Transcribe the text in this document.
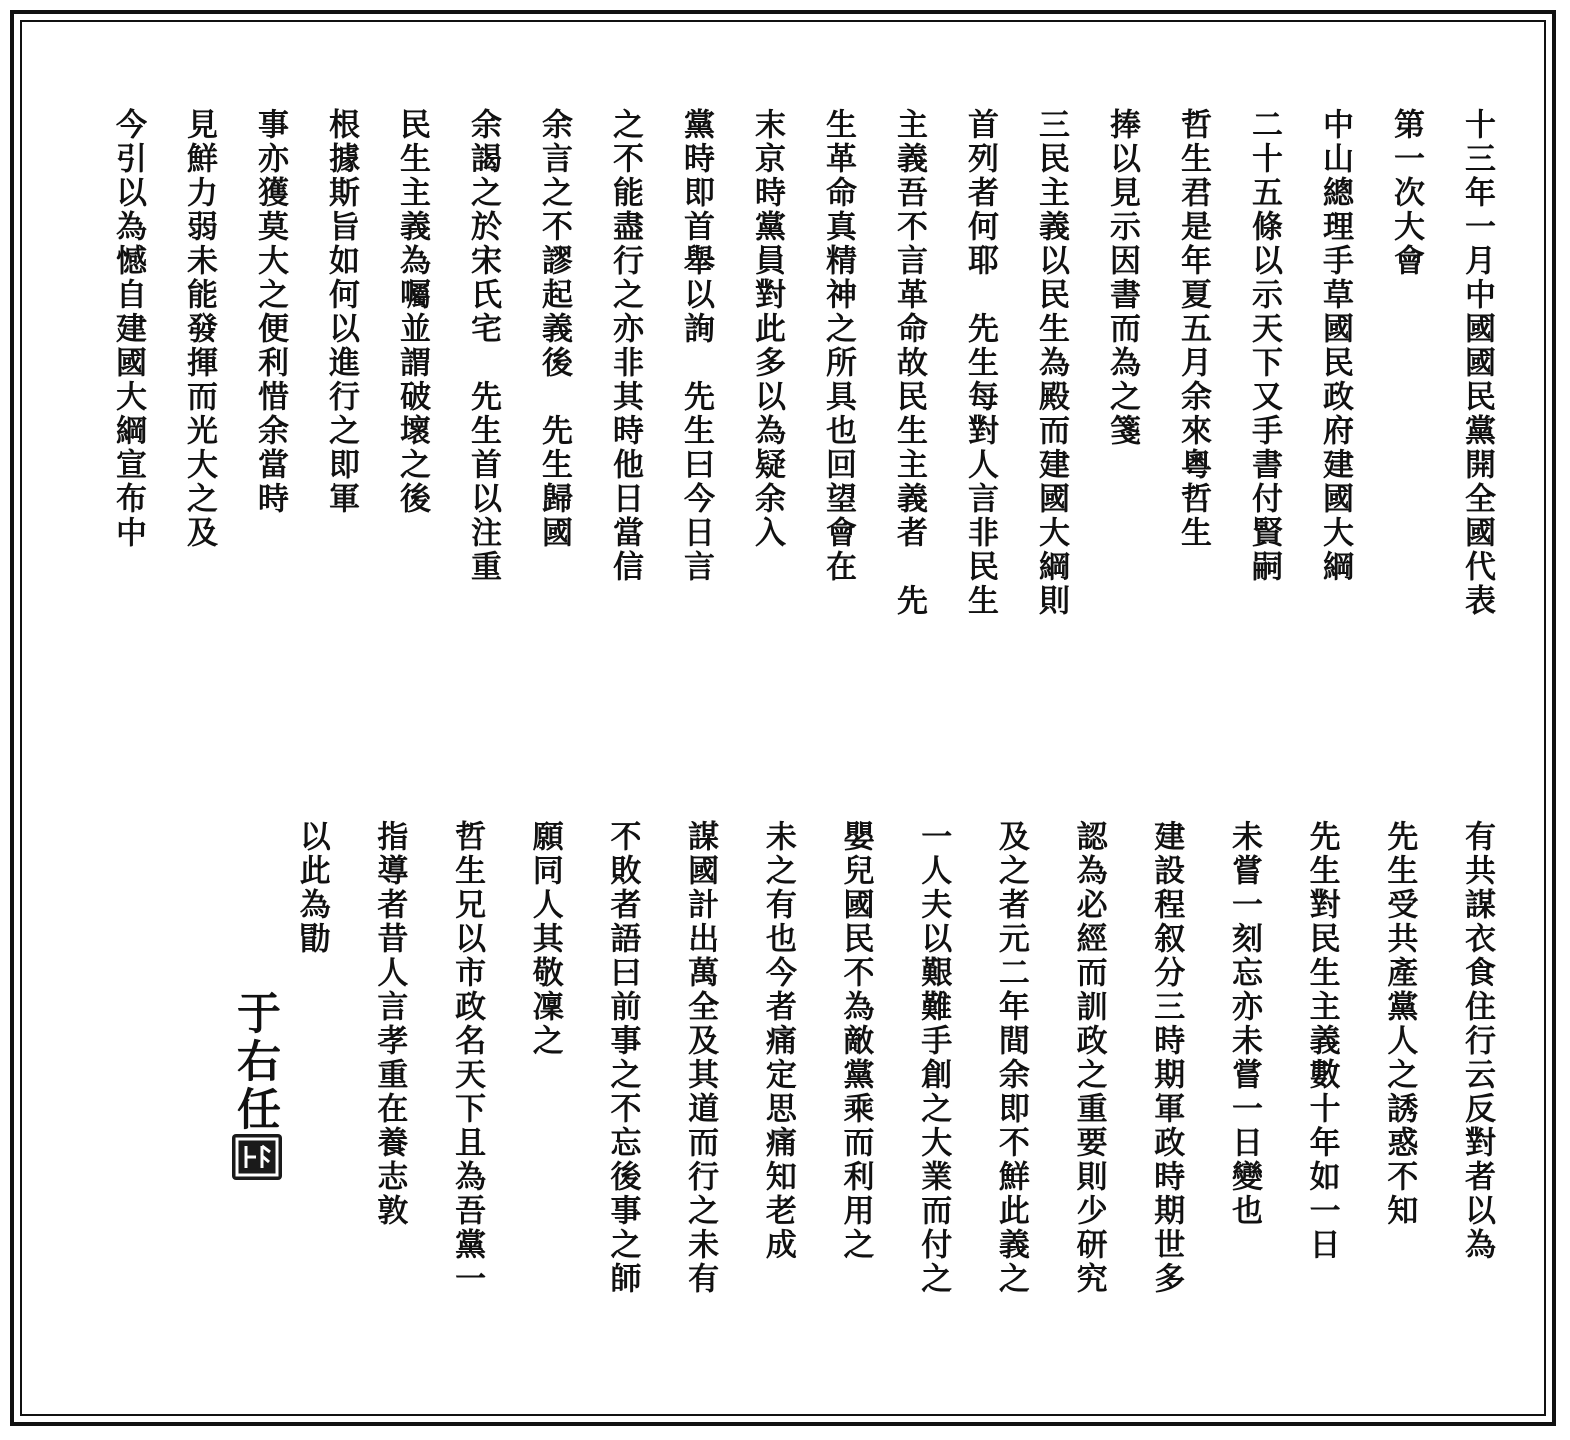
十三年一月中國國民黨開全國代表
第一次大會
中山總理手草國民政府建國大綱
二十五條以示天下又手書付賢嗣
哲生君是年夏五月余來粵哲生
捧以見示因書而為之箋
三民主義以民生為殿而建國大綱則
首列者何耶　先生每對人言非民生
主義吾不言革命故民生主義者　先
生革命真精神之所具也回望會在
末京時黨員對此多以為疑余入
黨時即首舉以詢　先生曰今日言
之不能盡行之亦非其時他日當信
余言之不謬起義後　先生歸國
余謁之於宋氏宅　先生首以注重
民生主義為囑並謂破壞之後
根據斯旨如何以進行之即軍
事亦獲莫大之便利惜余當時
見鮮力弱未能發揮而光大之及
今引以為憾自建國大綱宣布中
有共謀衣食住行云反對者以為
先生受共產黨人之誘惑不知
先生對民生主義數十年如一日
未嘗一刻忘亦未嘗一日變也
建設程叙分三時期軍政時期世多
認為必經而訓政之重要則少研究
及之者元二年間余即不鮮此義之
一人夫以艱難手創之大業而付之
嬰兒國民不為敵黨乘而利用之
未之有也今者痛定思痛知老成
謀國計出萬全及其道而行之未有
不敗者語曰前事之不忘後事之師
願同人其敬凜之
哲生兄以市政名天下且為吾黨一
指導者昔人言孝重在養志敦
以此為勖
于右任
